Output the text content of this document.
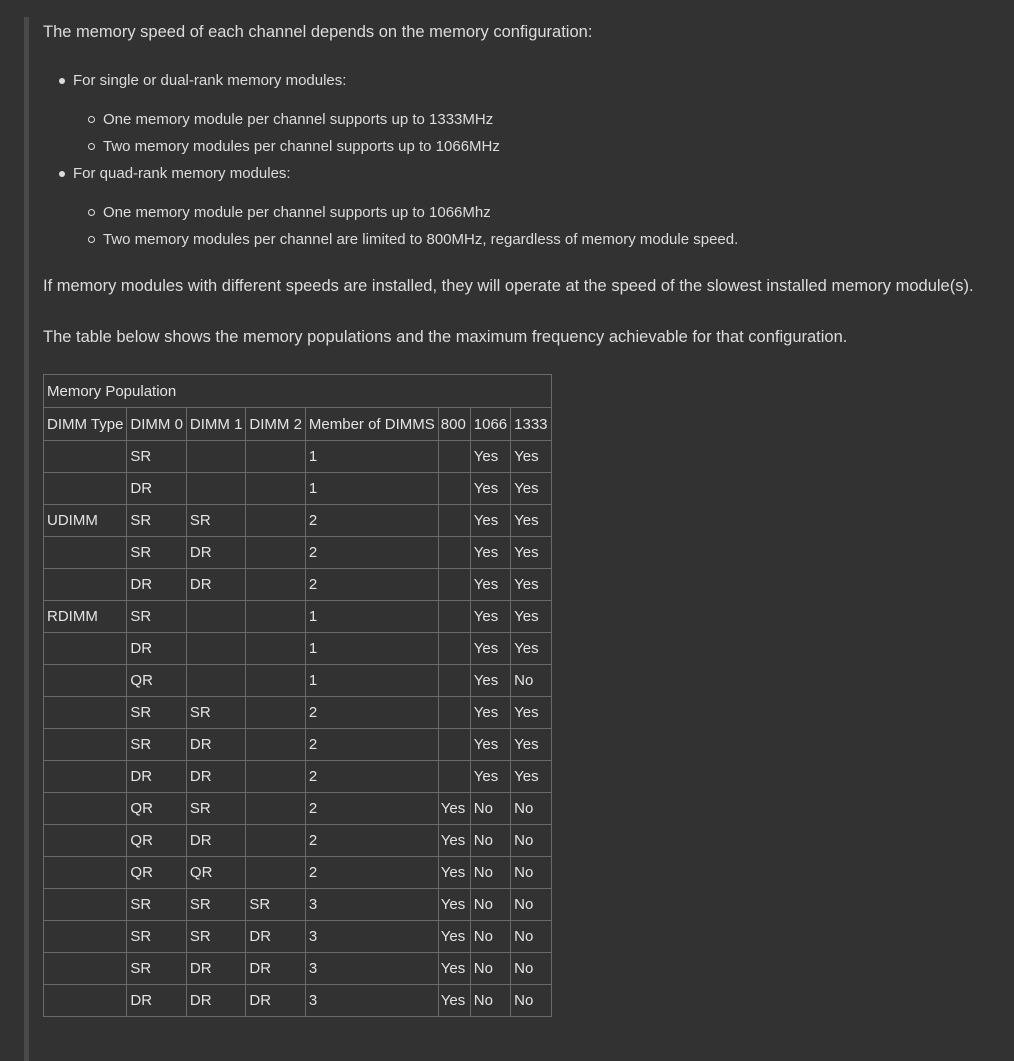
The memory speed of each channel depends on the memory configuration:
For single or dual-rank memory modules:
One memory module per channel supports up to 1333MHz
Two memory modules per channel supports up to 1066MHz
For quad-rank memory modules:
One memory module per channel supports up to 1066Mhz
Two memory modules per channel are limited to 800MHz, regardless of memory module speed.
If memory modules with different speeds are installed, they will operate at the speed of the slowest installed memory module(s).
The table below shows the memory populations and the maximum frequency achievable for that configuration.
Memory Population							
DIMM Type	DIMM 0	DIMM 1	DIMM 2	Member of DIMMS	800	1066	1333
	SR			1		Yes	Yes
	DR			1		Yes	Yes
UDIMM	SR	SR		2		Yes	Yes
	SR	DR		2		Yes	Yes
	DR	DR		2		Yes	Yes
RDIMM	SR			1		Yes	Yes
	DR			1		Yes	Yes
	QR			1		Yes	No
	SR	SR		2		Yes	Yes
	SR	DR		2		Yes	Yes
	DR	DR		2		Yes	Yes
	QR	SR		2	Yes	No	No
	QR	DR		2	Yes	No	No
	QR	QR		2	Yes	No	No
	SR	SR	SR	3	Yes	No	No
	SR	SR	DR	3	Yes	No	No
	SR	DR	DR	3	Yes	No	No
	DR	DR	DR	3	Yes	No	No
